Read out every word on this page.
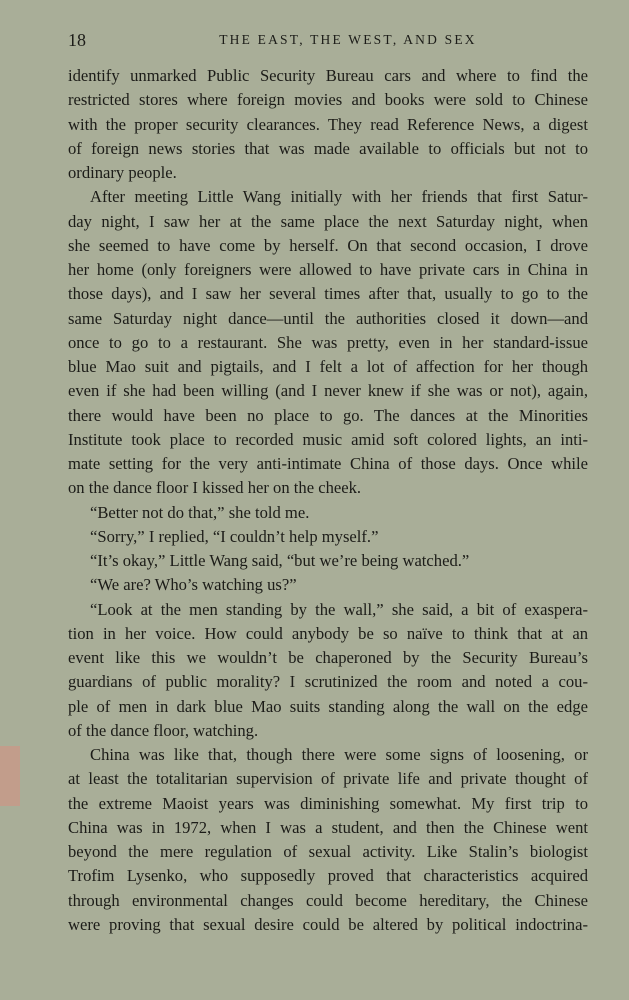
18	THE EAST, THE WEST, AND SEX
identify unmarked Public Security Bureau cars and where to find the
restricted stores where foreign movies and books were sold to Chinese
with the proper security clearances. They read Reference News, a digest
of foreign news stories that was made available to officials but not to
ordinary people.
After meeting Little Wang initially with her friends that first Satur-
day night, I saw her at the same place the next Saturday night, when
she seemed to have come by herself. On that second occasion, I drove
her home (only foreigners were allowed to have private cars in China in
those days), and I saw her several times after that, usually to go to the
same Saturday night dance—until the authorities closed it down—and
once to go to a restaurant. She was pretty, even in her standard-issue
blue Mao suit and pigtails, and I felt a lot of affection for her though
even if she had been willing (and I never knew if she was or not), again,
there would have been no place to go. The dances at the Minorities
Institute took place to recorded music amid soft colored lights, an inti-
mate setting for the very anti-intimate China of those days. Once while
on the dance floor I kissed her on the cheek.
“Better not do that,” she told me.
“Sorry,” I replied, “I couldn’t help myself.”
“It’s okay,” Little Wang said, “but we’re being watched.”
“We are? Who’s watching us?”
“Look at the men standing by the wall,” she said, a bit of exaspera-
tion in her voice. How could anybody be so naïve to think that at an
event like this we wouldn’t be chaperoned by the Security Bureau’s
guardians of public morality? I scrutinized the room and noted a cou-
ple of men in dark blue Mao suits standing along the wall on the edge
of the dance floor, watching.
China was like that, though there were some signs of loosening, or
at least the totalitarian supervision of private life and private thought of
the extreme Maoist years was diminishing somewhat. My first trip to
China was in 1972, when I was a student, and then the Chinese went
beyond the mere regulation of sexual activity. Like Stalin’s biologist
Trofim Lysenko, who supposedly proved that characteristics acquired
through environmental changes could become hereditary, the Chinese
were proving that sexual desire could be altered by political indoctrina-
